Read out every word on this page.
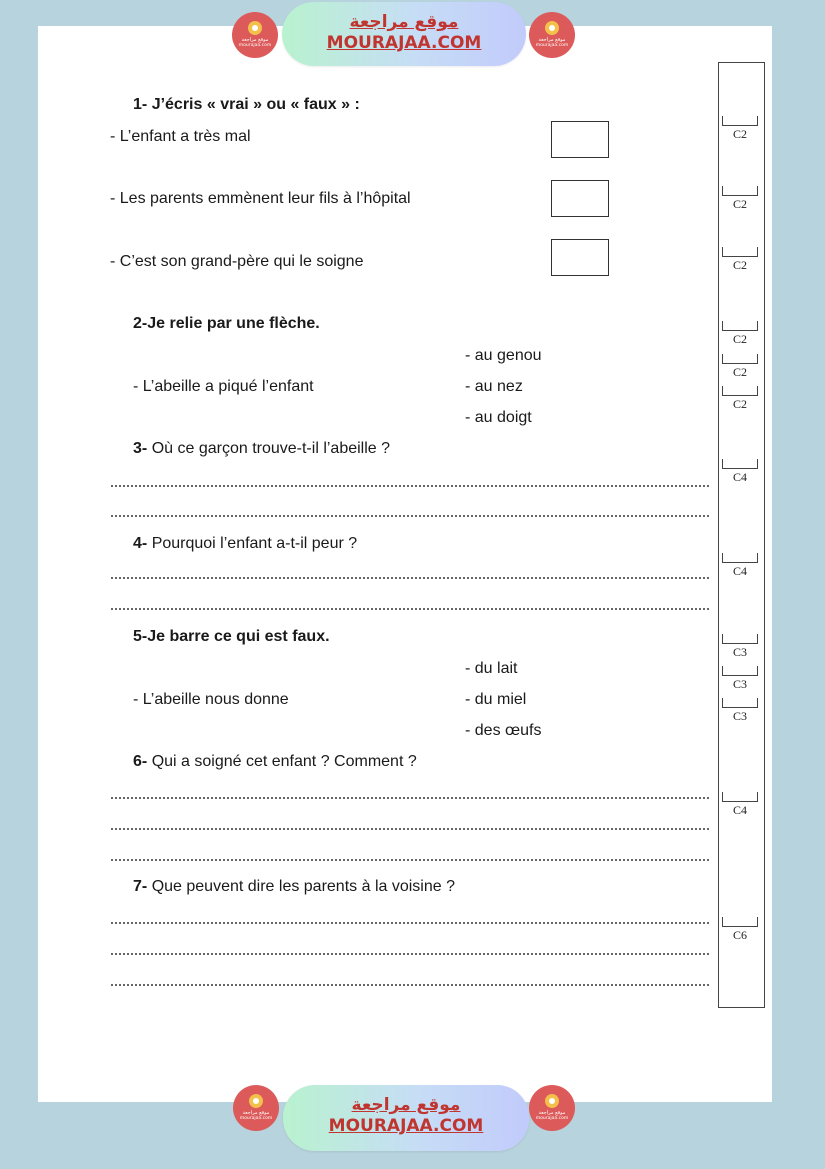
موقع مراجعة
mourajaa.com
موقع مراجعة
MOURAJAA.COM	موقع مراجعة
mourajaa.com
1- J’écris « vrai » ou « faux » :
- L’enfant a très mal
- Les parents emmènent leur fils à l’hôpital
- C’est son grand-père qui le soigne
2-Je relie par une flèche.
- au genou
- L’abeille a piqué l’enfant	- au nez
- au doigt
3- Où ce garçon trouve-t-il l’abeille ?
4- Pourquoi l’enfant a-t-il peur ?
5-Je barre ce qui est faux.
- du lait
- L’abeille nous donne	- du miel
- des œufs
6- Qui a soigné cet enfant ? Comment ?
7- Que peuvent dire les parents à la voisine ?
C2
C2
C2
C2
C2
C2
C4
C4
C3
C3
C3
C4
C6
موقع مراجعة
mourajaa.com
موقع مراجعة
MOURAJAA.COM
موقع مراجعة
mourajaa.com
